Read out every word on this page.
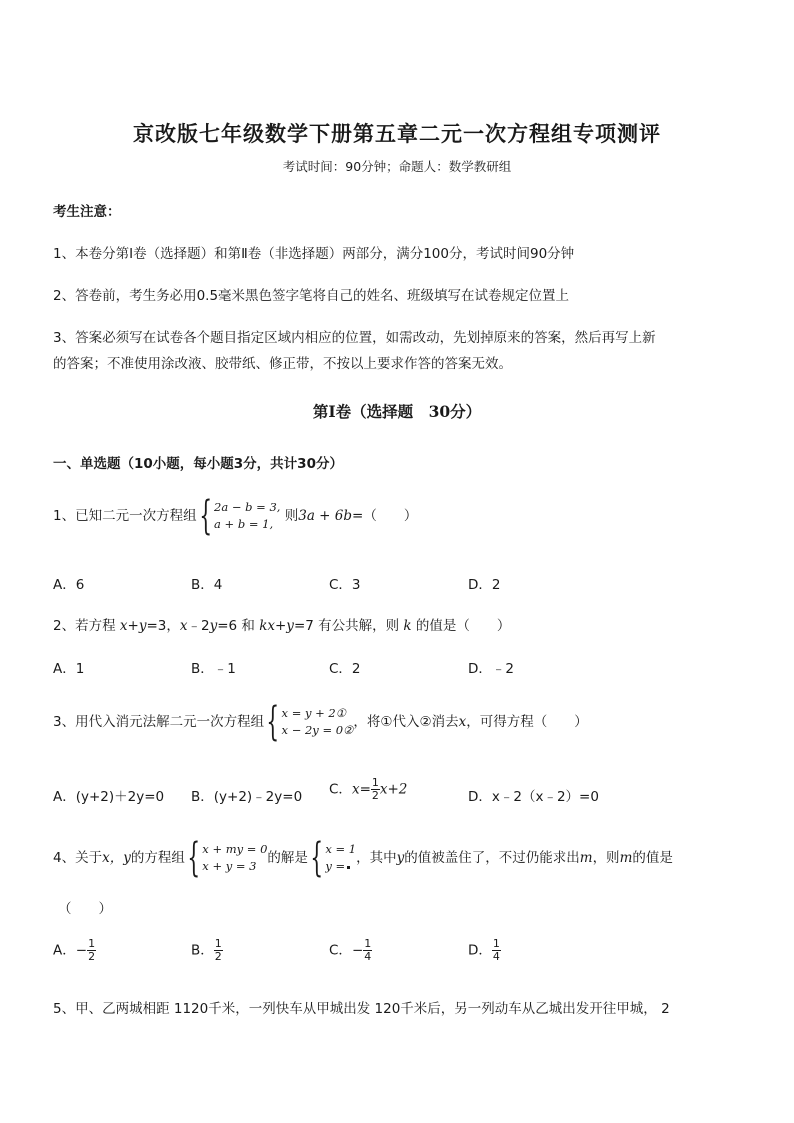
京改版七年级数学下册第五章二元一次方程组专项测评
考试时间：90分钟；命题人：数学教研组
考生注意：
1、本卷分第Ⅰ卷（选择题）和第Ⅱ卷（非选择题）两部分，满分100分，考试时间90分钟
2、答卷前，考生务必用0.5毫米黑色签字笔将自己的姓名、班级填写在试卷规定位置上
3、答案必须写在试卷各个题目指定区域内相应的位置，如需改动，先划掉原来的答案，然后再写上新
的答案；不准使用涂改液、胶带纸、修正带，不按以上要求作答的答案无效。
第Ⅰ卷（选择题　30分）
一、单选题（10小题，每小题3分，共计30分）
1、已知二元一次方程组{ 2a − b = 3,
a + b = 1, 则3a + 6b=（　　）
A．6	B．4	C．3	D．2
2、若方程 x+y=3，x﹣2y=6 和 kx+y=7 有公共解，则 k 的值是（　　）
A．1	B．﹣1	C．2	D．﹣2
3、用代入消元法解二元一次方程组{ x = y + 2①
x − 2y = 0② ，将①代入②消去x，可得方程（　　）
A．(y+2)＋2y=0 B．(y+2)﹣2y=0 C．$x= \frac{1}{2} x+2$	D．x﹣2（x﹣2）=0
4、关于x，y的方程组{ x + my = 0
x + y = 3 的解是{ x = 1
y = ，其中y的值被盖住了，不过仍能求出m，则m的值是
（　　）
A．− $\frac{1}{2}$	B． $\frac{1}{2}$	C．− $\frac{1}{4}$	D． $\frac{1}{4}$
5、甲、乙两城相距 1120千米，一列快车从甲城出发 120千米后，另一列动车从乙城出发开往甲城， 2
